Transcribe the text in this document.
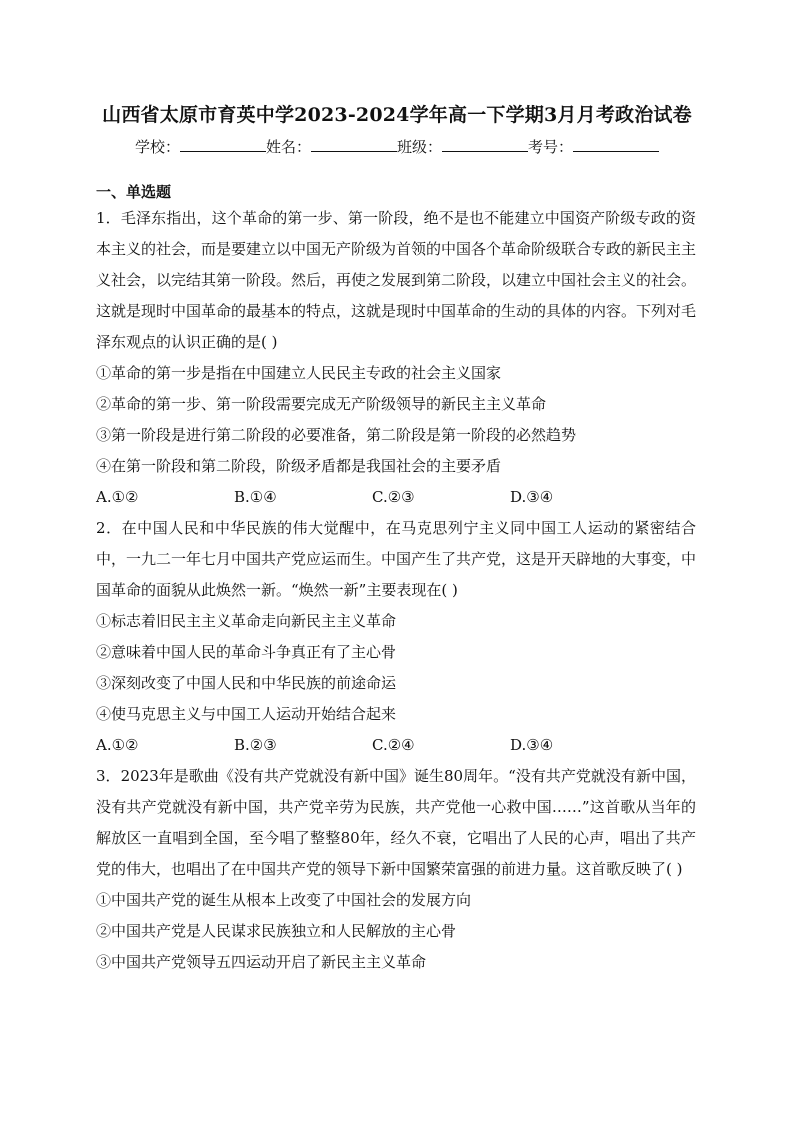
山西省太原市育英中学2023-2024学年高一下学期3月月考政治试卷
学校：	姓名：	班级：	考号：
一、单选题

1．毛泽东指出，这个革命的第一步、第一阶段，绝不是也不能建立中国资产阶级专政的资本主义的社会，而是要建立以中国无产阶级为首领的中国各个革命阶级联合专政的新民主主义社会，以完结其第一阶段。然后，再使之发展到第二阶段，以建立中国社会主义的社会。这就是现时中国革命的最基本的特点，这就是现时中国革命的生动的具体的内容。下列对毛泽东观点的认识正确的是( )

①革命的第一步是指在中国建立人民民主专政的社会主义国家

②革命的第一步、第一阶段需要完成无产阶级领导的新民主主义革命

③第一阶段是进行第二阶段的必要准备，第二阶段是第一阶段的必然趋势

④在第一阶段和第二阶段，阶级矛盾都是我国社会的主要矛盾

A.①②	B.①④	C.②③	D.③④

2．在中国人民和中华民族的伟大觉醒中，在马克思列宁主义同中国工人运动的紧密结合中，一九二一年七月中国共产党应运而生。中国产生了共产党，这是开天辟地的大事变，中国革命的面貌从此焕然一新。“焕然一新”主要表现在( )

①标志着旧民主主义革命走向新民主主义革命

②意味着中国人民的革命斗争真正有了主心骨

③深刻改变了中国人民和中华民族的前途命运

④使马克思主义与中国工人运动开始结合起来

A.①②	B.②③	C.②④	D.③④

3．2023年是歌曲《没有共产党就没有新中国》诞生80周年。“没有共产党就没有新中国，没有共产党就没有新中国，共产党辛劳为民族，共产党他一心救中国……”这首歌从当年的解放区一直唱到全国，至今唱了整整80年，经久不衰，它唱出了人民的心声，唱出了共产党的伟大，也唱出了在中国共产党的领导下新中国繁荣富强的前进力量。这首歌反映了( )

①中国共产党的诞生从根本上改变了中国社会的发展方向

②中国共产党是人民谋求民族独立和人民解放的主心骨

③中国共产党领导五四运动开启了新民主主义革命
